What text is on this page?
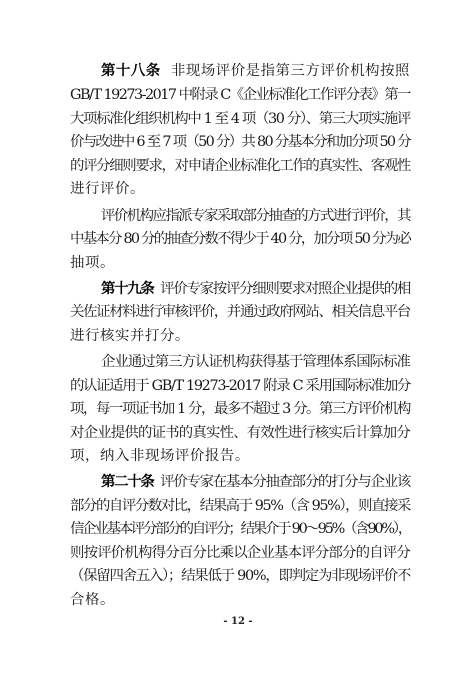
第十八条 非现场评价是指第三方评价机构按照
GB/T 19273-2017 中附录 C《企业标准化工作评分表》第一
大项标准化组织机构中 1 至 4 项（30 分）、第三大项实施评
价与改进中 6 至 7 项（50 分）共 80 分基本分和加分项 50 分
的评分细则要求，对申请企业标准化工作的真实性、客观性
进行评价。
评价机构应指派专家采取部分抽查的方式进行评价，其
中基本分 80 分的抽查分数不得少于 40 分，加分项 50 分为必
抽项。
第十九条 评价专家按评分细则要求对照企业提供的相
关佐证材料进行审核评价，并通过政府网站、相关信息平台
进行核实并打分。
企业通过第三方认证机构获得基于管理体系国际标准
的认证适用于 GB/T 19273-2017 附录 C 采用国际标准加分
项，每一项证书加 1 分，最多不超过 3 分。第三方评价机构
对企业提供的证书的真实性、有效性进行核实后计算加分
项，纳入非现场评价报告。
第二十条 评价专家在基本分抽查部分的打分与企业该
部分的自评分数对比，结果高于 95%（含 95%），则直接采
信企业基本评分部分的自评分；结果介于 90～95%（含90%），
则按评价机构得分百分比乘以企业基本评分部分的自评分
（保留四舍五入）；结果低于 90%，即判定为非现场评价不
合格。
- 12 -
